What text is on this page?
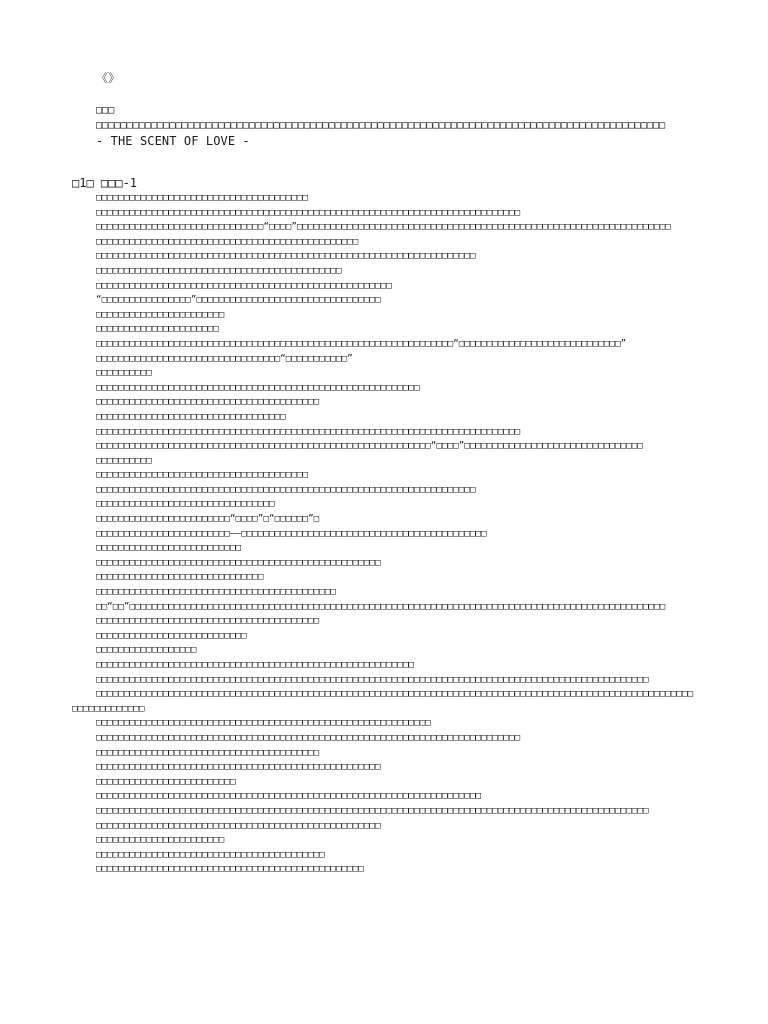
《》
□□□
□□□□□□□□□□□□□□□□□□□□□□□□□□□□□□□□□□□□□□□□□□□□□□□□□□□□□□□□□□□□□□□□□□□□□□□□□□□□□□□□□□□□□□□□□□□□□
- THE SCENT OF LOVE -
□1□ □□□-1

□□□□□□□□□□□□□□□□□□□□□□□□□□□□□□□□□□□□□□

□□□□□□□□□□□□□□□□□□□□□□□□□□□□□□□□□□□□□□□□□□□□□□□□□□□□□□□□□□□□□□□□□□□□□□□□□□□□

□□□□□□□□□□□□□□□□□□□□□□□□□□□□□□“□□□□”□□□□□□□□□□□□□□□□□□□□□□□□□□□□□□□□□□□□□□□□□□□□□□□□□□□□□□□□□□□□□□□□□□□

□□□□□□□□□□□□□□□□□□□□□□□□□□□□□□□□□□□□□□□□□□□□□□□

□□□□□□□□□□□□□□□□□□□□□□□□□□□□□□□□□□□□□□□□□□□□□□□□□□□□□□□□□□□□□□□□□□□□

□□□□□□□□□□□□□□□□□□□□□□□□□□□□□□□□□□□□□□□□□□□□

□□□□□□□□□□□□□□□□□□□□□□□□□□□□□□□□□□□□□□□□□□□□□□□□□□□□□

“□□□□□□□□□□□□□□□□”□□□□□□□□□□□□□□□□□□□□□□□□□□□□□□□□□

□□□□□□□□□□□□□□□□□□□□□□□

□□□□□□□□□□□□□□□□□□□□□□

□□□□□□□□□□□□□□□□□□□□□□□□□□□□□□□□□□□□□□□□□□□□□□□□□□□□□□□□□□□□□□□□“□□□□□□□□□□□□□□□□□□□□□□□□□□□□□”

□□□□□□□□□□□□□□□□□□□□□□□□□□□□□□□□□“□□□□□□□□□□□”

□□□□□□□□□□

□□□□□□□□□□□□□□□□□□□□□□□□□□□□□□□□□□□□□□□□□□□□□□□□□□□□□□□□□□

□□□□□□□□□□□□□□□□□□□□□□□□□□□□□□□□□□□□□□□□

□□□□□□□□□□□□□□□□□□□□□□□□□□□□□□□□□□

□□□□□□□□□□□□□□□□□□□□□□□□□□□□□□□□□□□□□□□□□□□□□□□□□□□□□□□□□□□□□□□□□□□□□□□□□□□□

□□□□□□□□□□□□□□□□□□□□□□□□□□□□□□□□□□□□□□□□□□□□□□□□□□□□□□□□□□□□“□□□□”□□□□□□□□□□□□□□□□□□□□□□□□□□□□□□□□

□□□□□□□□□□

□□□□□□□□□□□□□□□□□□□□□□□□□□□□□□□□□□□□□□

□□□□□□□□□□□□□□□□□□□□□□□□□□□□□□□□□□□□□□□□□□□□□□□□□□□□□□□□□□□□□□□□□□□□

□□□□□□□□□□□□□□□□□□□□□□□□□□□□□□□□

□□□□□□□□□□□□□□□□□□□□□□□□“□□□□”□“□□□□□□”□

□□□□□□□□□□□□□□□□□□□□□□□□——□□□□□□□□□□□□□□□□□□□□□□□□□□□□□□□□□□□□□□□□□□□□

□□□□□□□□□□□□□□□□□□□□□□□□□□

□□□□□□□□□□□□□□□□□□□□□□□□□□□□□□□□□□□□□□□□□□□□□□□□□□□

□□□□□□□□□□□□□□□□□□□□□□□□□□□□□□

□□□□□□□□□□□□□□□□□□□□□□□□□□□□□□□□□□□□□□□□□□□

□□“□□”□□□□□□□□□□□□□□□□□□□□□□□□□□□□□□□□□□□□□□□□□□□□□□□□□□□□□□□□□□□□□□□□□□□□□□□□□□□□□□□□□□□□□□□□□□□□□□□□

□□□□□□□□□□□□□□□□□□□□□□□□□□□□□□□□□□□□□□□□

□□□□□□□□□□□□□□□□□□□□□□□□□□□

□□□□□□□□□□□□□□□□□□

□□□□□□□□□□□□□□□□□□□□□□□□□□□□□□□□□□□□□□□□□□□□□□□□□□□□□□□□□

□□□□□□□□□□□□□□□□□□□□□□□□□□□□□□□□□□□□□□□□□□□□□□□□□□□□□□□□□□□□□□□□□□□□□□□□□□□□□□□□□□□□□□□□□□□□□□□□□□□

□□□□□□□□□□□□□□□□□□□□□□□□□□□□□□□□□□□□□□□□□□□□□□□□□□□□□□□□□□□□□□□□□□□□□□□□□□□□□□□□□□□□□□□□□□□□□□□□□□□□□□□□□□□□□□□□□□□□□□□□

□□□□□□□□□□□□□□□□□□□□□□□□□□□□□□□□□□□□□□□□□□□□□□□□□□□□□□□□□□□□

□□□□□□□□□□□□□□□□□□□□□□□□□□□□□□□□□□□□□□□□□□□□□□□□□□□□□□□□□□□□□□□□□□□□□□□□□□□□

□□□□□□□□□□□□□□□□□□□□□□□□□□□□□□□□□□□□□□□□

□□□□□□□□□□□□□□□□□□□□□□□□□□□□□□□□□□□□□□□□□□□□□□□□□□□

□□□□□□□□□□□□□□□□□□□□□□□□□

□□□□□□□□□□□□□□□□□□□□□□□□□□□□□□□□□□□□□□□□□□□□□□□□□□□□□□□□□□□□□□□□□□□□□

□□□□□□□□□□□□□□□□□□□□□□□□□□□□□□□□□□□□□□□□□□□□□□□□□□□□□□□□□□□□□□□□□□□□□□□□□□□□□□□□□□□□□□□□□□□□□□□□□□□

□□□□□□□□□□□□□□□□□□□□□□□□□□□□□□□□□□□□□□□□□□□□□□□□□□□

□□□□□□□□□□□□□□□□□□□□□□□

□□□□□□□□□□□□□□□□□□□□□□□□□□□□□□□□□□□□□□□□□

□□□□□□□□□□□□□□□□□□□□□□□□□□□□□□□□□□□□□□□□□□□□□□□□
